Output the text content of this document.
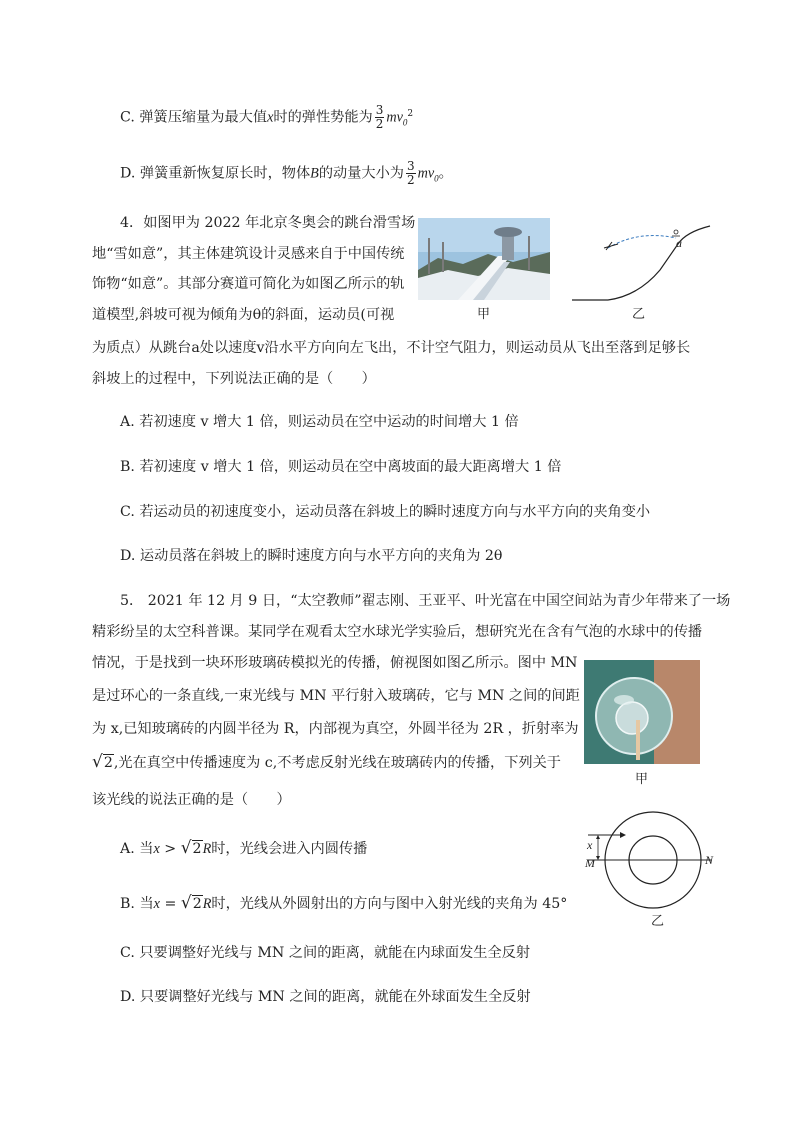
C. 弹簧压缩量为最大值x时的弹性势能为 $\frac{3}{2} mv_0^2$
D. 弹簧重新恢复原长时，物体B的动量大小为 $\frac{3}{2} mv_0$。
4．如图甲为 2022 年北京冬奥会的跳台滑雪场
地“雪如意”，其主体建筑设计灵感来自于中国传统
饰物“如意”。其部分赛道可简化为如图乙所示的轨
道模型,斜坡可视为倾角为θ的斜面，运动员(可视
为质点）从跳台a处以速度v沿水平方向向左飞出，不计空气阻力，则运动员从飞出至落到足够长
斜坡上的过程中，下列说法正确的是（　　）
甲
a
乙
A. 若初速度 v 增大 1 倍，则运动员在空中运动的时间增大 1 倍
B. 若初速度 v 增大 1 倍，则运动员在空中离坡面的最大距离增大 1 倍
C. 若运动员的初速度变小，运动员落在斜坡上的瞬时速度方向与水平方向的夹角变小
D. 运动员落在斜坡上的瞬时速度方向与水平方向的夹角为 2θ
5． 2021 年 12 月 9 日，“太空教师”翟志刚、王亚平、叶光富在中国空间站为青少年带来了一场
精彩纷呈的太空科普课。某同学在观看太空水球光学实验后，想研究光在含有气泡的水球中的传播
情况，于是找到一块环形玻璃砖模拟光的传播，俯视图如图乙所示。图中 MN
是过环心的一条直线,一束光线与 MN 平行射入玻璃砖，它与 MN 之间的间距
为 x,已知玻璃砖的内圆半径为 R，内部视为真空，外圆半径为 2R ，折射率为
√2,光在真空中传播速度为 c,不考虑反射光线在玻璃砖内的传播，下列关于
该光线的说法正确的是（　　）
甲
x
M	N
乙
A. 当x > √2R时，光线会进入内圆传播
B. 当x = √2R时，光线从外圆射出的方向与图中入射光线的夹角为 45°
C. 只要调整好光线与 MN 之间的距离，就能在内球面发生全反射
D. 只要调整好光线与 MN 之间的距离，就能在外球面发生全反射
